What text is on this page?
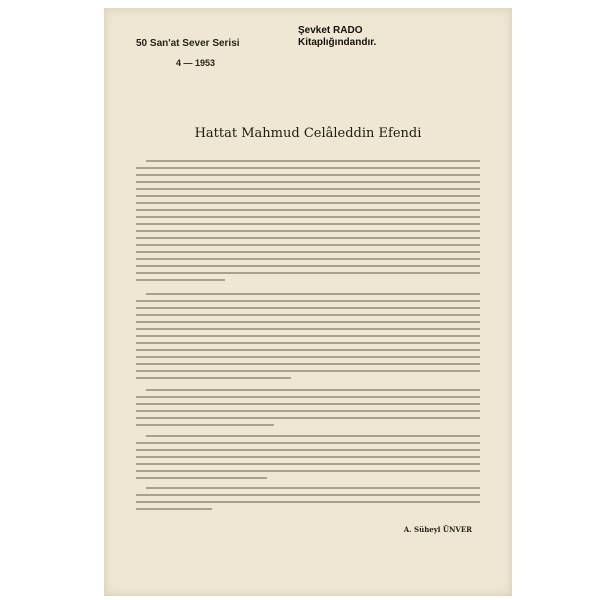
50 San'at Sever Serisi
4 — 1953
Şevket RADO
Kitaplığındandır.
Hattat Mahmud Celâleddin Efendi
A. Süheyl ÜNVER
